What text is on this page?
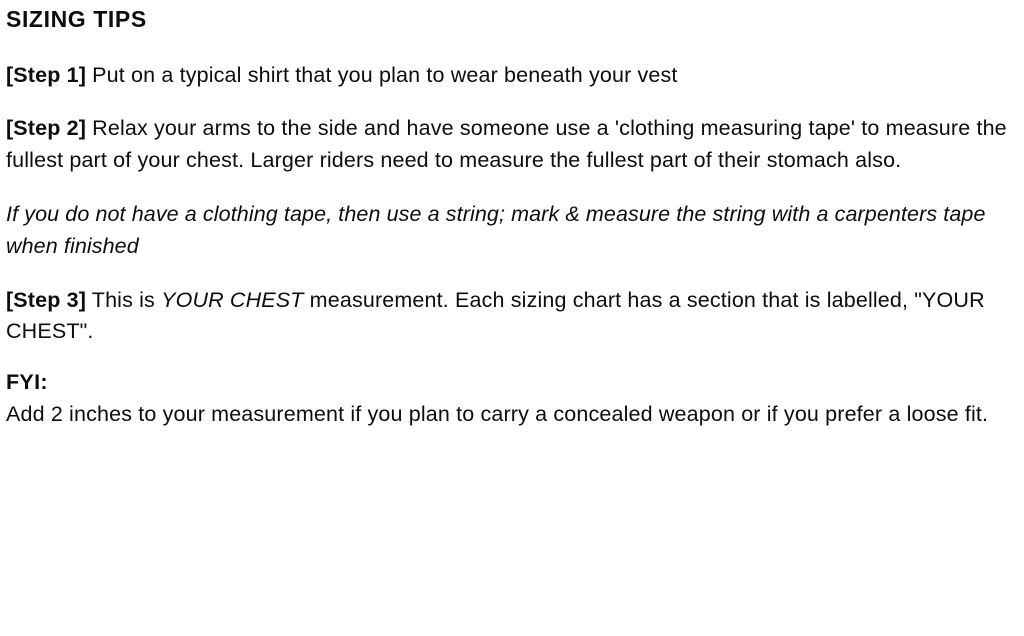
SIZING TIPS

[Step 1] Put on a typical shirt that you plan to wear beneath your vest

[Step 2] Relax your arms to the side and have someone use a 'clothing measuring tape' to measure the fullest part of your chest. Larger riders need to measure the fullest part of their stomach also.

If you do not have a clothing tape, then use a string; mark & measure the string with a carpenters tape when finished

[Step 3] This is YOUR CHEST measurement. Each sizing chart has a section that is labelled, "YOUR CHEST".

FYI:

Add 2 inches to your measurement if you plan to carry a concealed weapon or if you prefer a loose fit.
